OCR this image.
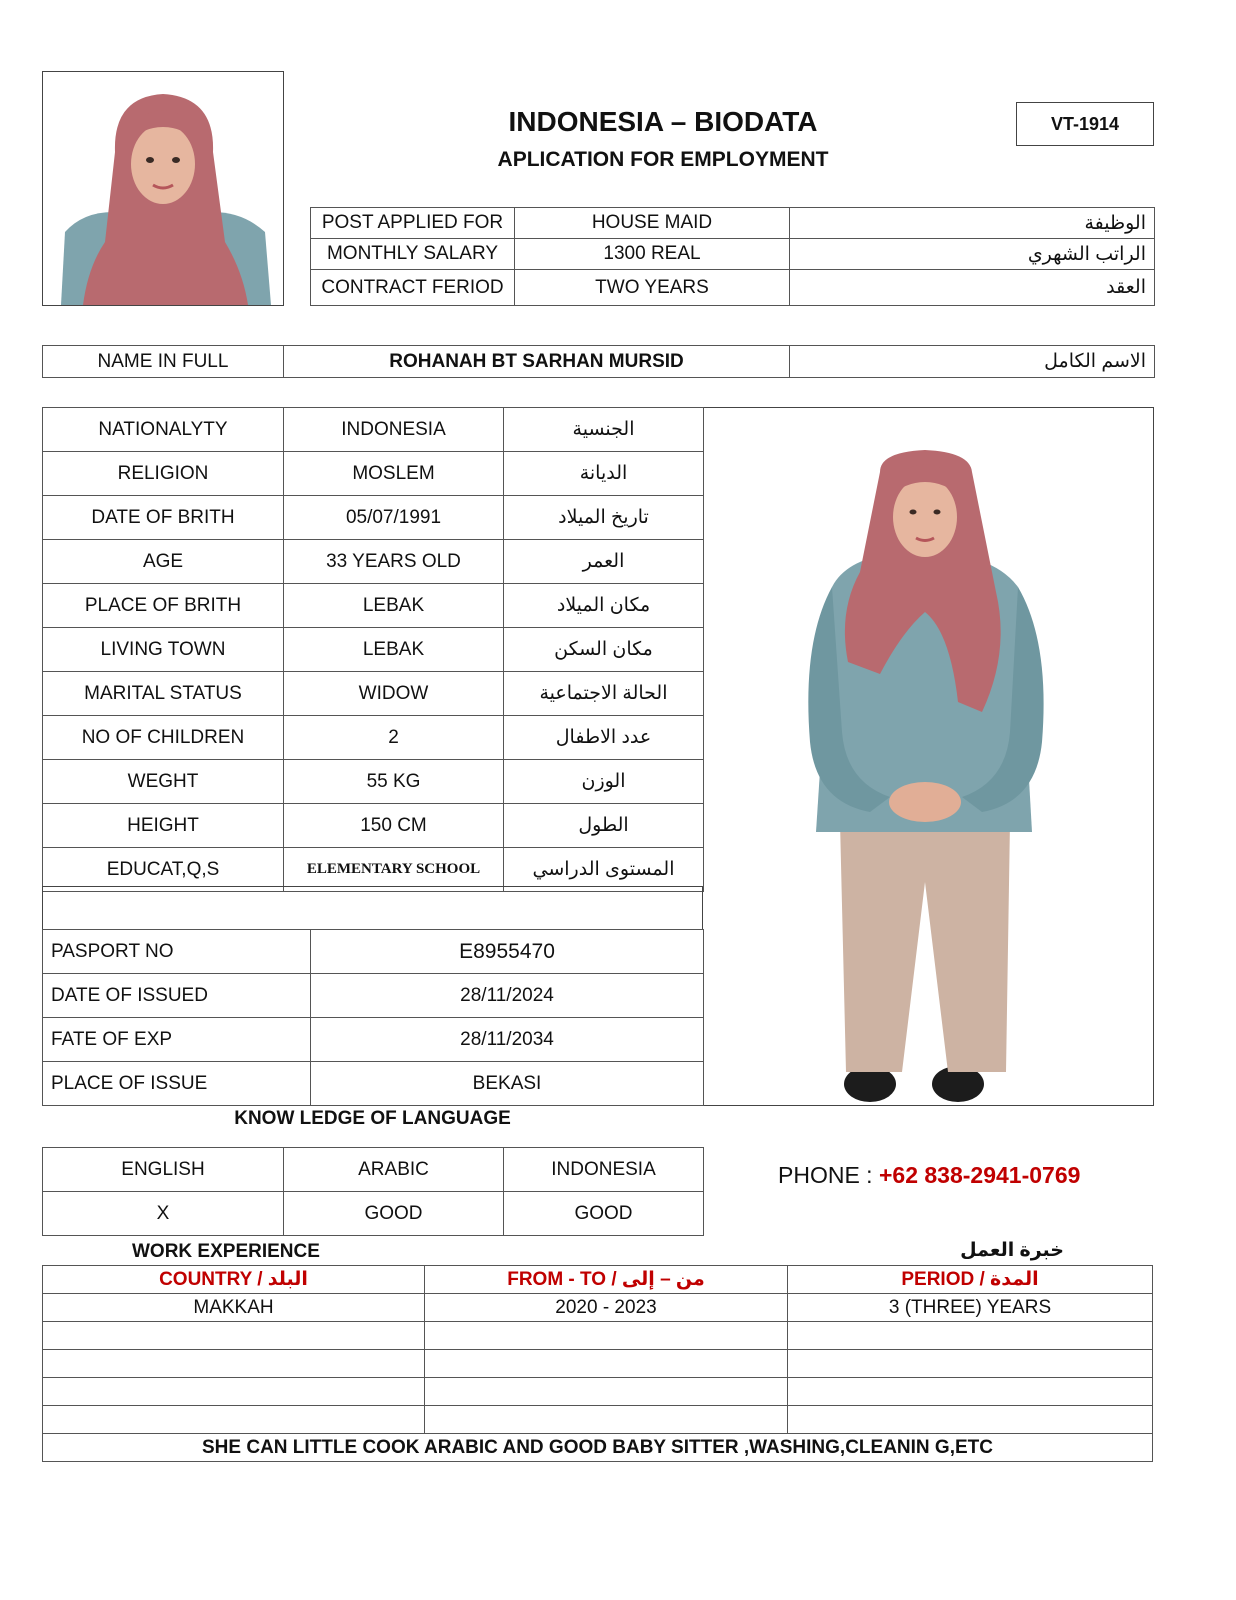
INDONESIA – BIODATA
APLICATION FOR EMPLOYMENT
VT-1914
POST APPLIED FOR	HOUSE MAID	الوظيفة
MONTHLY SALARY	1300 REAL	الراتب الشهري
CONTRACT FERIOD	TWO YEARS	العقد
NAME IN FULL	ROHANAH BT SARHAN MURSID	الاسم الكامل
NATIONALYTY	INDONESIA	الجنسية
RELIGION	MOSLEM	الديانة
DATE OF BRITH	05/07/1991	تاريخ الميلاد
AGE	33 YEARS OLD	العمر
PLACE OF BRITH	LEBAK	مكان الميلاد
LIVING TOWN	LEBAK	مكان السكن
MARITAL STATUS	WIDOW	الحالة الاجتماعية
NO OF CHILDREN	2	عدد الاطفال
WEGHT	55 KG	الوزن
HEIGHT	150 CM	الطول
EDUCAT,Q,S	ELEMENTARY SCHOOL	المستوى الدراسي
PASPORT NO	E8955470
DATE OF ISSUED	28/11/2024
FATE OF EXP	28/11/2034
PLACE OF ISSUE	BEKASI
KNOW LEDGE OF LANGUAGE
ENGLISH	ARABIC	INDONESIA
X	GOOD	GOOD
PHONE : +62 838-2941-0769
WORK EXPERIENCE	خبرة العمل
COUNTRY / البلد	FROM - TO / من – إلى	PERIOD / المدة
MAKKAH	2020 - 2023	3 (THREE) YEARS

SHE CAN LITTLE COOK ARABIC AND GOOD BABY SITTER ,WASHING,CLEANIN G,ETC		
